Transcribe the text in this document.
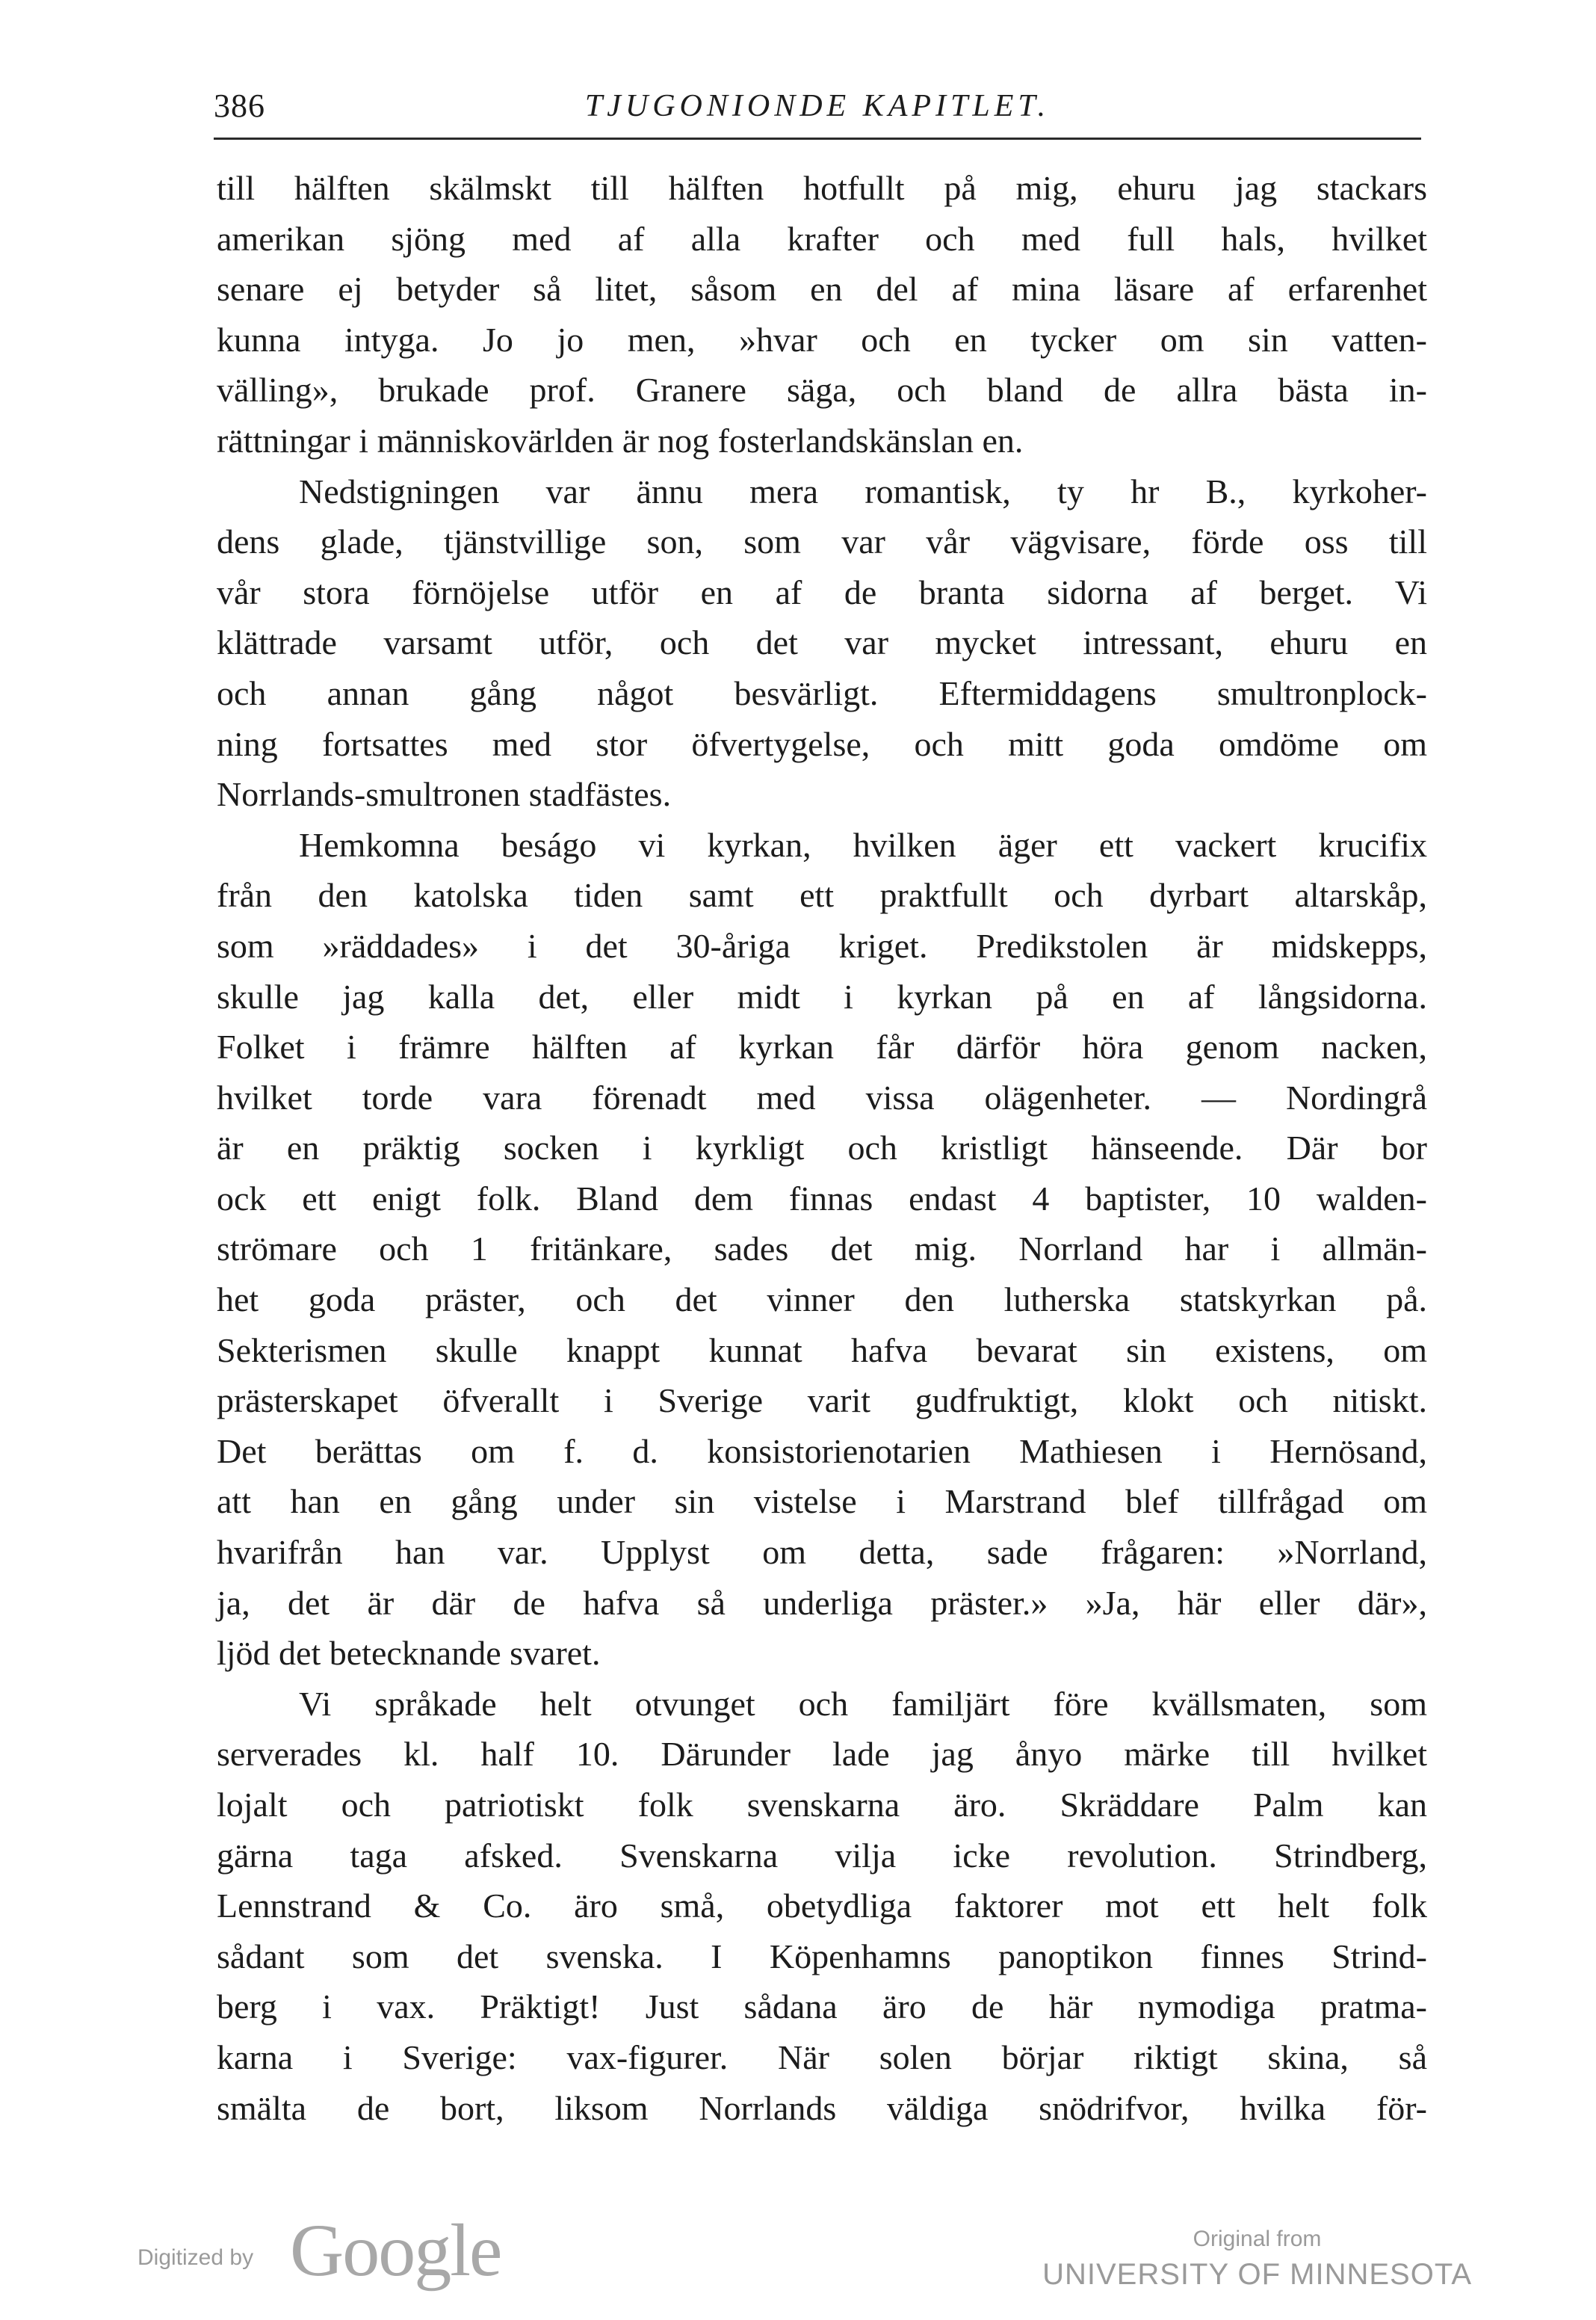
386	TJUGONIONDE KAPITLET.
till hälften skälmskt till hälften hotfullt på mig, ehuru jag stackars
amerikan sjöng med af alla krafter och med full hals, hvilket
senare ej betyder så litet, såsom en del af mina läsare af erfarenhet
kunna intyga. Jo jo men, »hvar och en tycker om sin vatten-
välling», brukade prof. Granere säga, och bland de allra bästa in-
rättningar i människovärlden är nog fosterlandskänslan en.
Nedstigningen var ännu mera romantisk, ty hr B., kyrkoher-
dens glade, tjänstvillige son, som var vår vägvisare, förde oss till
vår stora förnöjelse utför en af de branta sidorna af berget. Vi
klättrade varsamt utför, och det var mycket intressant, ehuru en
och annan gång något besvärligt. Eftermiddagens smultronplock-
ning fortsattes med stor öfvertygelse, och mitt goda omdöme om
Norrlands-smultronen stadfästes.
Hemkomna beságo vi kyrkan, hvilken äger ett vackert krucifix
från den katolska tiden samt ett praktfullt och dyrbart altarskåp,
som »räddades» i det 30-åriga kriget. Predikstolen är midskepps,
skulle jag kalla det, eller midt i kyrkan på en af långsidorna.
Folket i främre hälften af kyrkan får därför höra genom nacken,
hvilket torde vara förenadt med vissa olägenheter. — Nordingrå
är en präktig socken i kyrkligt och kristligt hänseende. Där bor
ock ett enigt folk. Bland dem finnas endast 4 baptister, 10 walden-
strömare och 1 fritänkare, sades det mig. Norrland har i allmän-
het goda präster, och det vinner den lutherska statskyrkan på.
Sekterismen skulle knappt kunnat hafva bevarat sin existens, om
prästerskapet öfverallt i Sverige varit gudfruktigt, klokt och nitiskt.
Det berättas om f. d. konsistorienotarien Mathiesen i Hernösand,
att han en gång under sin vistelse i Marstrand blef tillfrågad om
hvarifrån han var. Upplyst om detta, sade frågaren: »Norrland,
ja, det är där de hafva så underliga präster.» »Ja, här eller där»,
ljöd det betecknande svaret.
Vi språkade helt otvunget och familjärt före kvällsmaten, som
serverades kl. half 10. Därunder lade jag ånyo märke till hvilket
lojalt och patriotiskt folk svenskarna äro. Skräddare Palm kan
gärna taga afsked. Svenskarna vilja icke revolution. Strindberg,
Lennstrand & Co. äro små, obetydliga faktorer mot ett helt folk
sådant som det svenska. I Köpenhamns panoptikon finnes Strind-
berg i vax. Präktigt! Just sådana äro de här nymodiga pratma-
karna i Sverige: vax-figurer. När solen börjar riktigt skina, så
smälta de bort, liksom Norrlands väldiga snödrifvor, hvilka för-
Digitized by Google	Original from
UNIVERSITY OF MINNESOTA
